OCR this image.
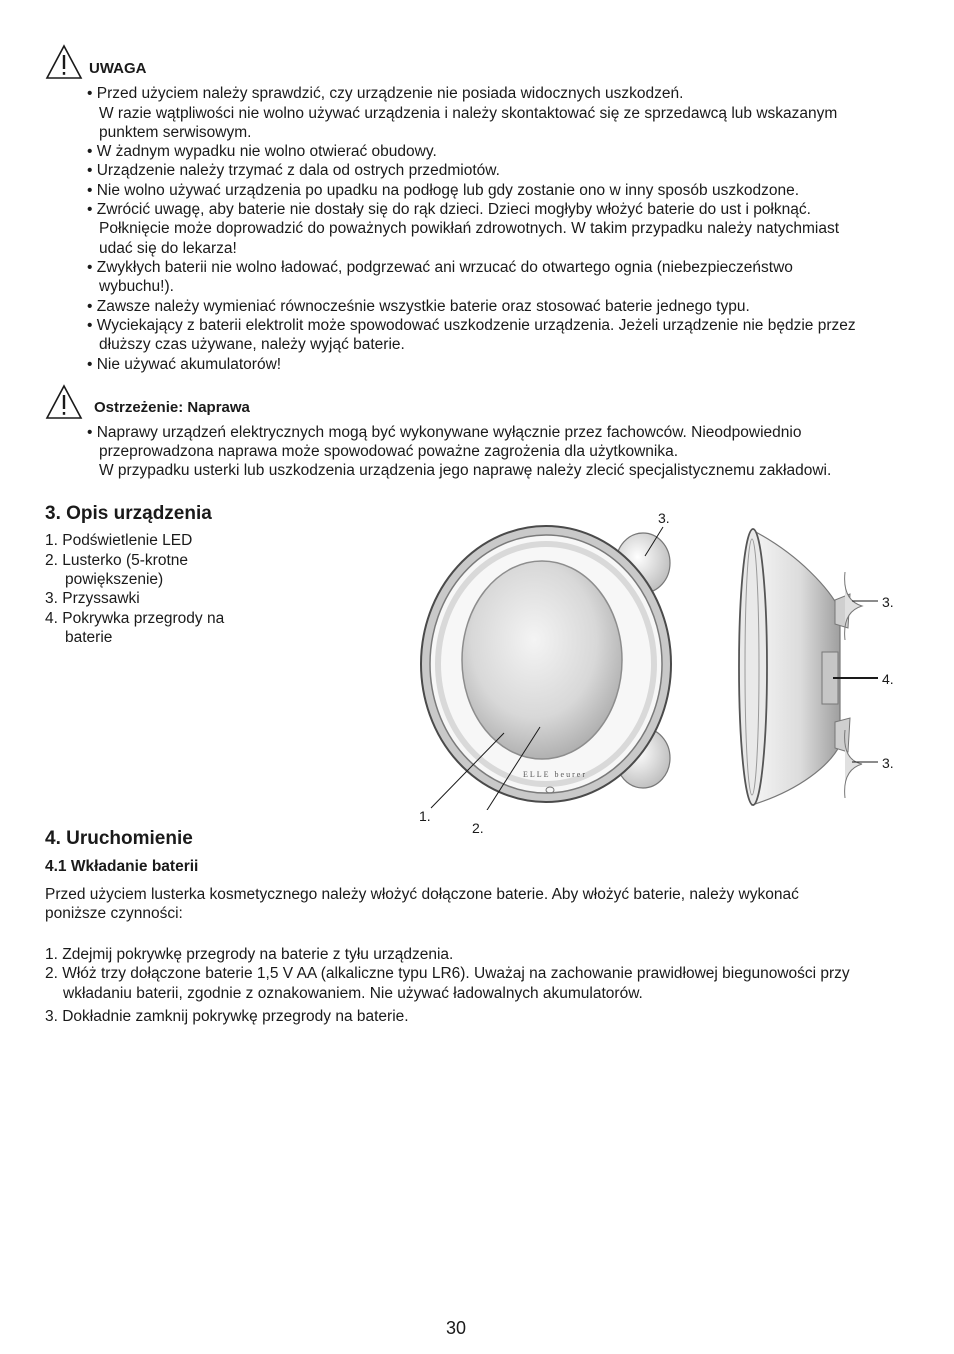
UWAGA
• Przed użyciem należy sprawdzić, czy urządzenie nie posiada widocznych uszkodzeń.
W razie wątpliwości nie wolno używać urządzenia i należy skontaktować się ze sprzedawcą lub wskazanym
punktem serwisowym.
• W żadnym wypadku nie wolno otwierać obudowy.
• Urządzenie należy trzymać z dala od ostrych przedmiotów.
• Nie wolno używać urządzenia po upadku na podłogę lub gdy zostanie ono w inny sposób uszkodzone.
• Zwrócić uwagę, aby baterie nie dostały się do rąk dzieci. Dzieci mogłyby włożyć baterie do ust i połknąć.
Połknięcie może doprowadzić do poważnych powikłań zdrowotnych. W takim przypadku należy natychmiast
udać się do lekarza!
• Zwykłych baterii nie wolno ładować, podgrzewać ani wrzucać do otwartego ognia (niebezpieczeństwo
wybuchu!).
• Zawsze należy wymieniać równocześnie wszystkie baterie oraz stosować baterie jednego typu.
• Wyciekający z baterii elektrolit może spowodować uszkodzenie urządzenia. Jeżeli urządzenie nie będzie przez
dłuższy czas używane, należy wyjąć baterie.
• Nie używać akumulatorów!
Ostrzeżenie: Naprawa
• Naprawy urządzeń elektrycznych mogą być wykonywane wyłącznie przez fachowców. Nieodpowiednio
przeprowadzona naprawa może spowodować poważne zagrożenia dla użytkownika.
W przypadku usterki lub uszkodzenia urządzenia jego naprawę należy zlecić specjalistycznemu zakładowi.
3. Opis urządzenia
1. Podświetlenie LED
2. Lusterko (5-krotne
powiększenie)
3. Przyssawki
4. Pokrywka przegrody na
baterie
ELLE beurer
3.
3.
4.
3.
1.
2.
4. Uruchomienie
4.1 Wkładanie baterii
Przed użyciem lusterka kosmetycznego należy włożyć dołączone baterie. Aby włożyć baterie, należy wykonać
poniższe czynności:
1. Zdejmij pokrywkę przegrody na baterie z tyłu urządzenia.
2. Włóż trzy dołączone baterie 1,5 V AA (alkaliczne typu LR6). Uważaj na zachowanie prawidłowej biegunowości przy
wkładaniu baterii, zgodnie z oznakowaniem. Nie używać ładowalnych akumulatorów.
3. Dokładnie zamknij pokrywkę przegrody na baterie.
30
